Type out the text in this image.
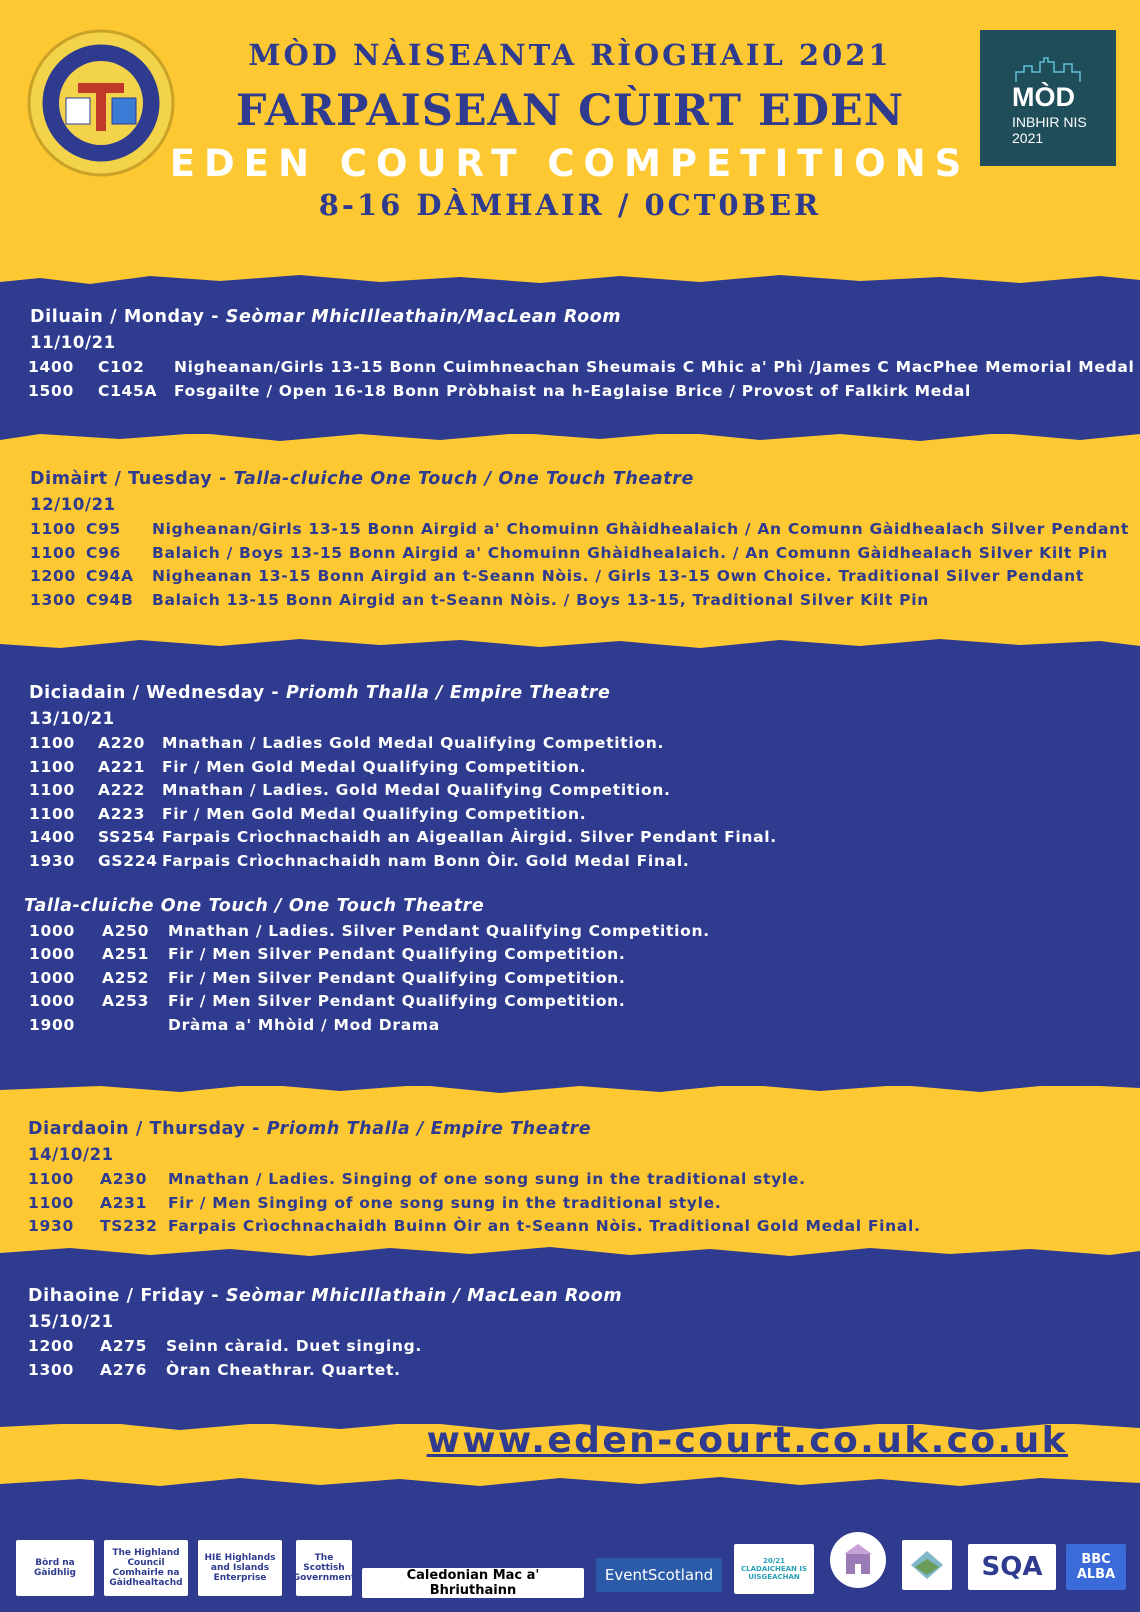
MÒD NÀISEANTA RÌOGHAIL 2021
FARPAISEAN CÙIRT EDEN
EDEN COURT COMPETITIONS
8-16 DÀMHAIR / 0CT0BER
MÒD
INBHIR NIS
2021
Diluain / Monday - Seòmar MhicIlleathain/MacLean Room
11/10/21
1400 C102 Nigheanan/Girls 13-15 Bonn Cuimhneachan Sheumais C Mhic a' Phì /James C MacPhee Memorial Medal
1500 C145A Fosgailte / Open 16-18 Bonn Pròbhaist na h-Eaglaise Brice / Provost of Falkirk Medal
Dimàirt / Tuesday - Talla-cluiche One Touch / One Touch Theatre
12/10/21
1100 C95 Nigheanan/Girls 13-15 Bonn Airgid a' Chomuinn Ghàidhealaich / An Comunn Gàidhealach Silver Pendant
1100 C96 Balaich / Boys 13-15 Bonn Airgid a' Chomuinn Ghàidhealaich. / An Comunn Gàidhealach Silver Kilt Pin
1200 C94A Nigheanan 13-15 Bonn Airgid an t-Seann Nòis. / Girls 13-15 Own Choice. Traditional Silver Pendant
1300 C94B Balaich 13-15 Bonn Airgid an t-Seann Nòis. / Boys 13-15, Traditional Silver Kilt Pin
Diciadain / Wednesday - Priomh Thalla / Empire Theatre
13/10/21
1100 A220 Mnathan / Ladies Gold Medal Qualifying Competition.
1100 A221 Fir / Men Gold Medal Qualifying Competition.
1100 A222 Mnathan / Ladies. Gold Medal Qualifying Competition.
1100 A223 Fir / Men Gold Medal Qualifying Competition.
1400 SS254 Farpais Crìochnachaidh an Aigeallan Àirgid. Silver Pendant Final.
1930 GS224 Farpais Crìochnachaidh nam Bonn Òir. Gold Medal Final.
Talla-cluiche One Touch / One Touch Theatre
1000 A250 Mnathan / Ladies. Silver Pendant Qualifying Competition.
1000 A251 Fir / Men Silver Pendant Qualifying Competition.
1000 A252 Fir / Men Silver Pendant Qualifying Competition.
1000 A253 Fir / Men Silver Pendant Qualifying Competition.
1900	Dràma a' Mhòid / Mod Drama
Diardaoin / Thursday - Priomh Thalla / Empire Theatre
14/10/21
1100 A230 Mnathan / Ladies. Singing of one song sung in the traditional style.
1100 A231 Fir / Men Singing of one song sung in the traditional style.
1930 TS232 Farpais Crìochnachaidh Buinn Òir an t-Seann Nòis. Traditional Gold Medal Final.
Dihaoine / Friday - Seòmar MhicIllathain / MacLean Room
15/10/21
1200 A275 Seinn càraid. Duet singing.
1300 A276 Òran Cheathrar. Quartet.
www.eden-court.co.uk.co.uk
Bòrd na Gàidhlig
The Highland Council Comhairle na Gàidhealtachd
HIE Highlands and Islands Enterprise
The Scottish Government	Caledonian Mac a' Bhriuthainn
EventScotland
20/21 CLADAICHEAN IS UISGEACHAN	SQA	BBC ALBA
